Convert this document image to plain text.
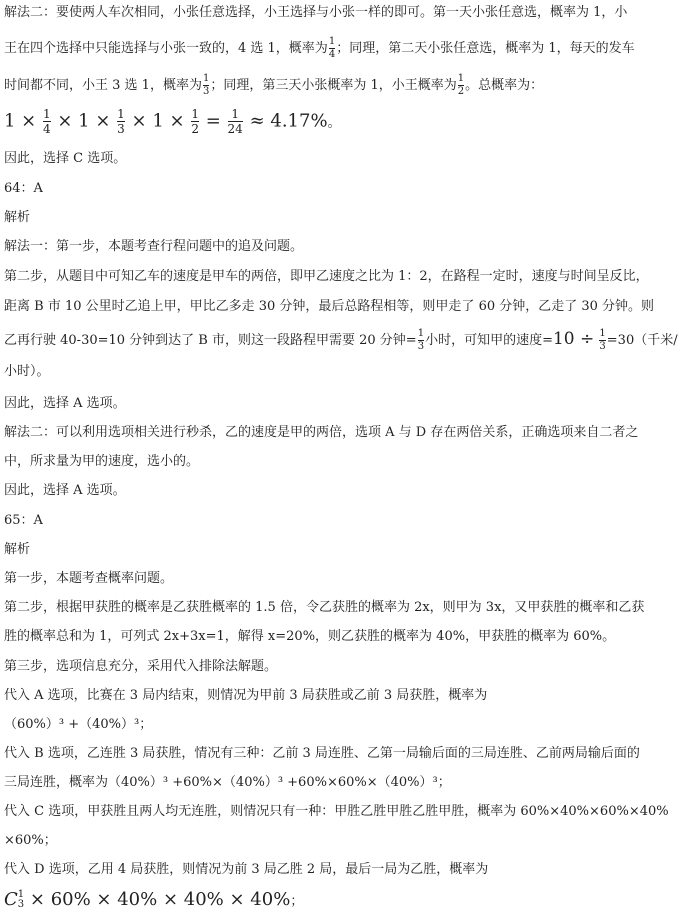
解法二：要使两人车次相同，小张任意选择，小王选择与小张一样的即可。第一天小张任意选，概率为 1，小
王在四个选择中只能选择与小张一致的，4 选 1，概率为 $\frac{1}{4}$ ；同理，第二天小张任意选，概率为 1，每天的发车
时间都不同，小王 3 选 1，概率为 $\frac{1}{3}$ ；同理，第三天小张概率为 1，小王概率为 $\frac{1}{2}$ 。总概率为：
$1 \times \frac{1}{4} \times 1 \times \frac{1}{3} \times 1 \times \frac{1}{2} = \frac{1}{24} \approx 4.17\%$。
因此，选择 C 选项。
64：A
解析
解法一：第一步，本题考查行程问题中的追及问题。
第二步，从题目中可知乙车的速度是甲车的两倍，即甲乙速度之比为 1：2，在路程一定时，速度与时间呈反比，
距离 B 市 10 公里时乙追上甲，甲比乙多走 30 分钟，最后总路程相等，则甲走了 60 分钟，乙走了 30 分钟。则
乙再行驶 40-30=10 分钟到达了 B 市，则这一段路程甲需要 20 分钟= $\frac{1}{3}$ 小时，可知甲的速度$=10 \div \frac{1}{3} =30$（千米/
小时）。
因此，选择 A 选项。
解法二：可以利用选项相关进行秒杀，乙的速度是甲的两倍，选项 A 与 D 存在两倍关系，正确选项来自二者之
中，所求量为甲的速度，选小的。
因此，选择 A 选项。
65：A
解析
第一步，本题考查概率问题。
第二步，根据甲获胜的概率是乙获胜概率的 1.5 倍，令乙获胜的概率为 2x，则甲为 3x，又甲获胜的概率和乙获
胜的概率总和为 1，可列式 2x+3x=1，解得 x=20%，则乙获胜的概率为 40%，甲获胜的概率为 60%。
第三步，选项信息充分，采用代入排除法解题。
代入 A 选项，比赛在 3 局内结束，则情况为甲前 3 局获胜或乙前 3 局获胜，概率为
（60%）³ +（40%）³；
代入 B 选项，乙连胜 3 局获胜，情况有三种：乙前 3 局连胜、乙第一局输后面的三局连胜、乙前两局输后面的
三局连胜，概率为（40%）³ +60%×（40%）³ +60%×60%×（40%）³；
代入 C 选项，甲获胜且两人均无连胜，则情况只有一种：甲胜乙胜甲胜乙胜甲胜，概率为 60%×40%×60%×40%
×60%；
代入 D 选项，乙用 4 局获胜，则情况为前 3 局乙胜 2 局，最后一局为乙胜，概率为
C 1
3 × 60% × 40% × 40% × 40%；
